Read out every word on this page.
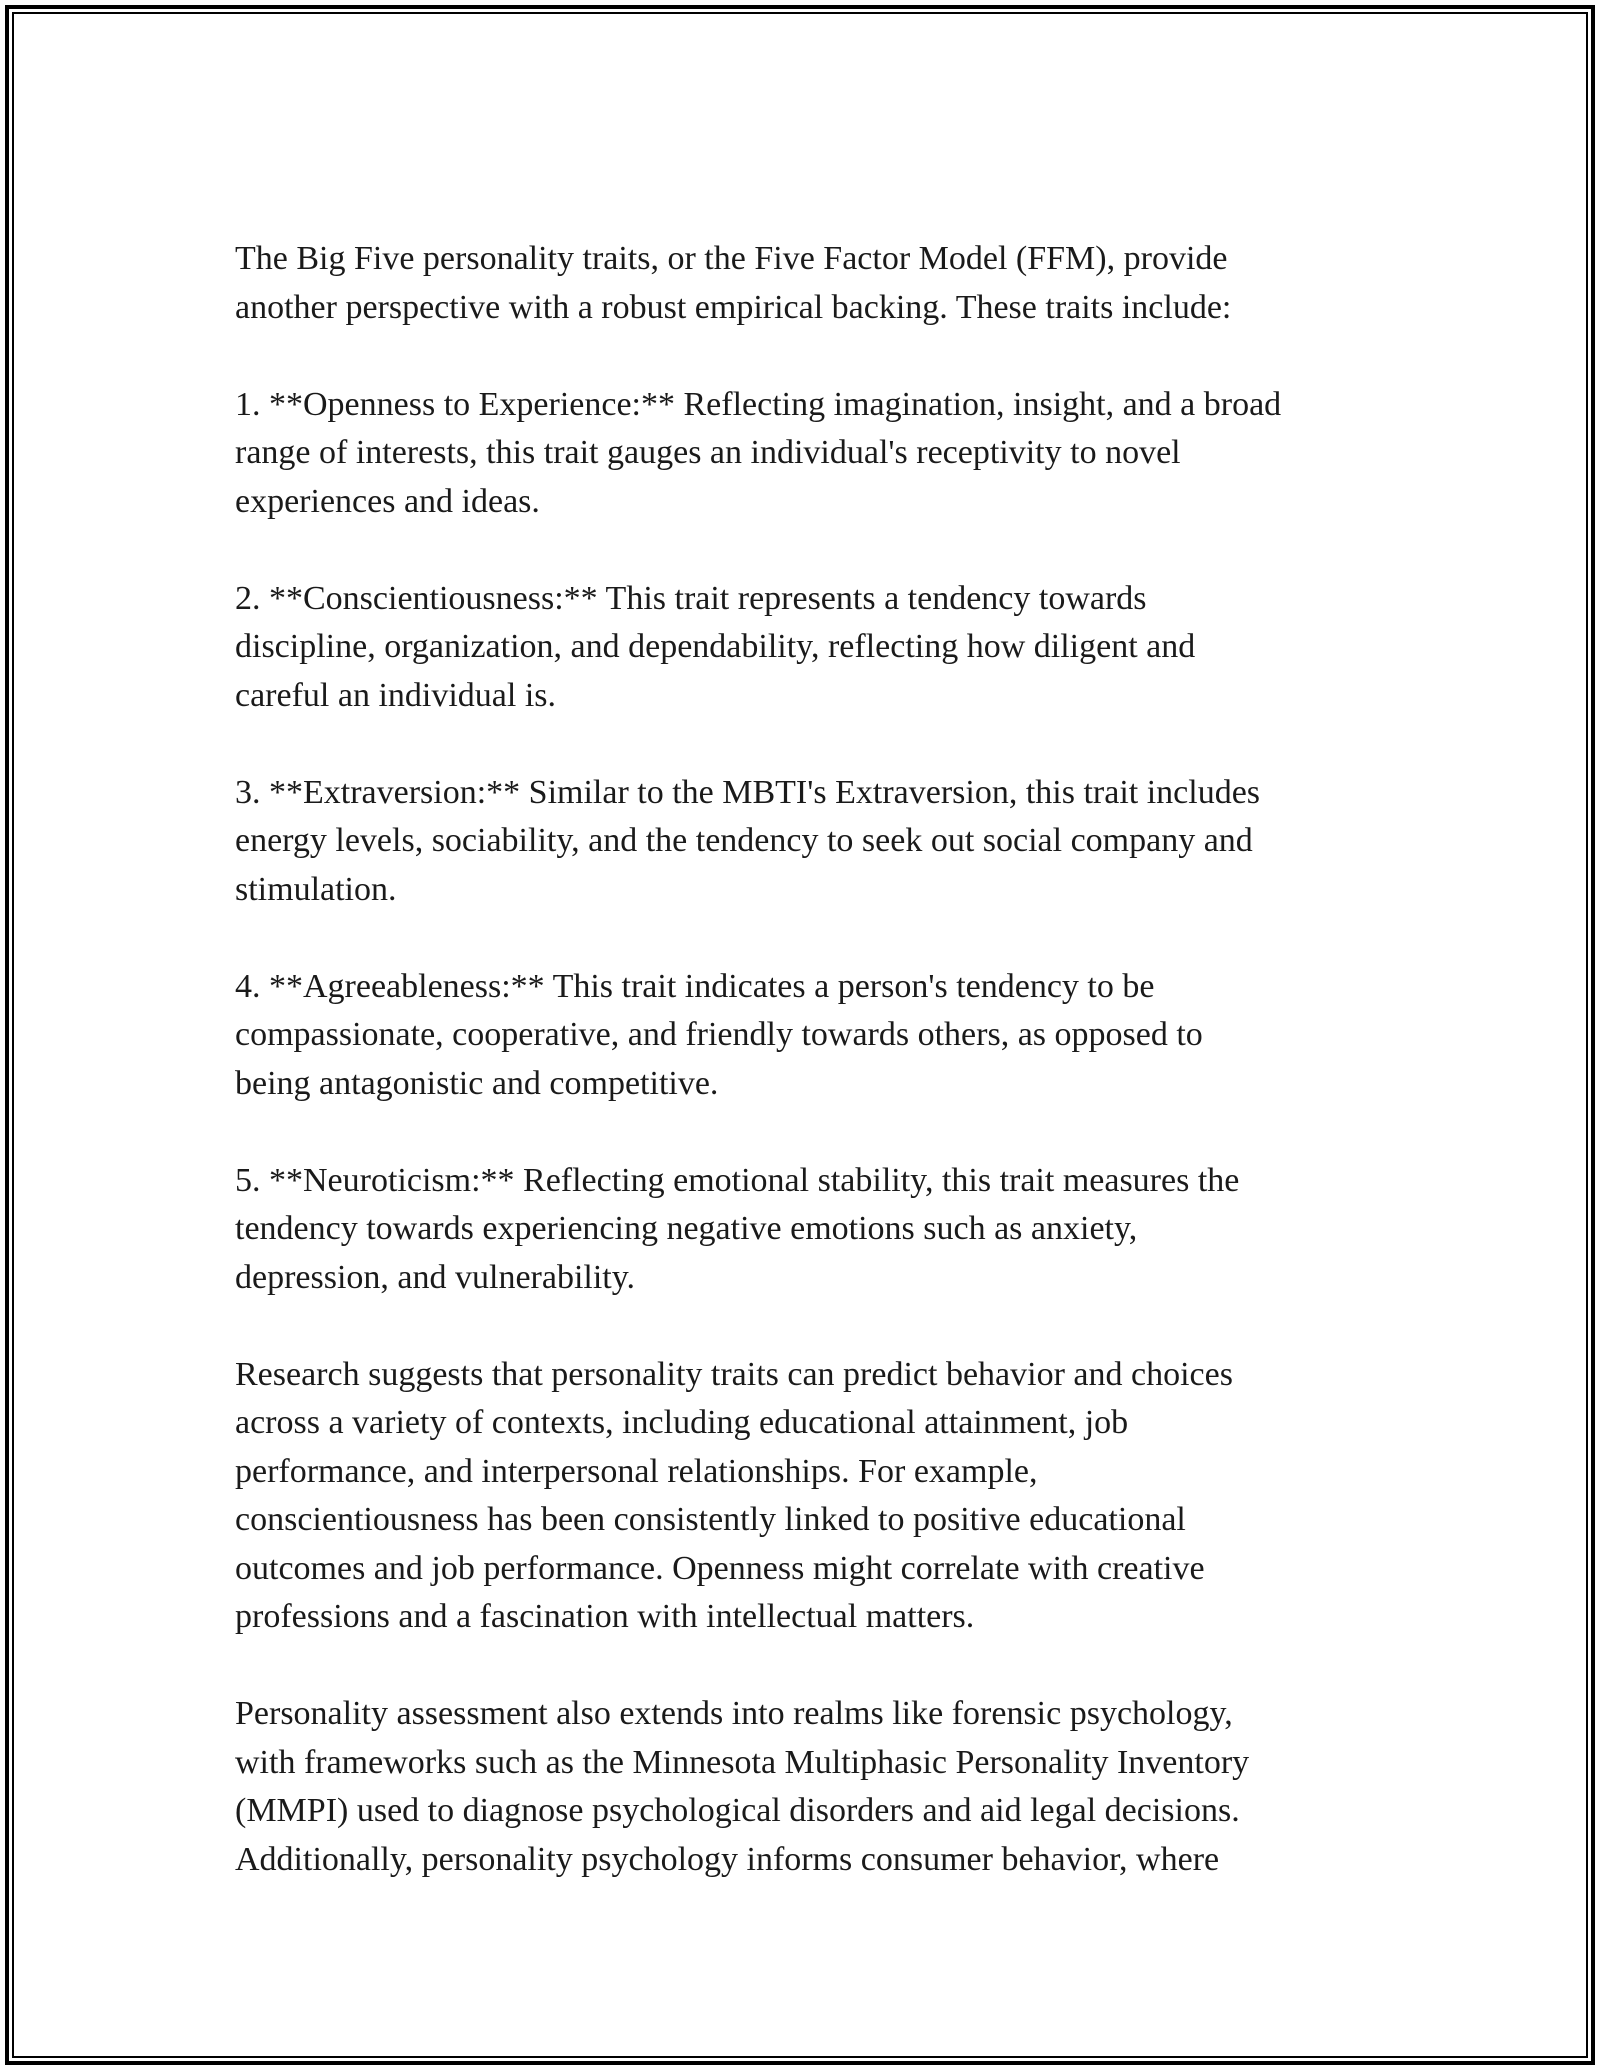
The Big Five personality traits, or the Five Factor Model (FFM), provide
another perspective with a robust empirical backing. These traits include:

1. **Openness to Experience:** Reflecting imagination, insight, and a broad
range of interests, this trait gauges an individual's receptivity to novel
experiences and ideas.

2. **Conscientiousness:** This trait represents a tendency towards
discipline, organization, and dependability, reflecting how diligent and
careful an individual is.

3. **Extraversion:** Similar to the MBTI's Extraversion, this trait includes
energy levels, sociability, and the tendency to seek out social company and
stimulation.

4. **Agreeableness:** This trait indicates a person's tendency to be
compassionate, cooperative, and friendly towards others, as opposed to
being antagonistic and competitive.

5. **Neuroticism:** Reflecting emotional stability, this trait measures the
tendency towards experiencing negative emotions such as anxiety,
depression, and vulnerability.

Research suggests that personality traits can predict behavior and choices
across a variety of contexts, including educational attainment, job
performance, and interpersonal relationships. For example,
conscientiousness has been consistently linked to positive educational
outcomes and job performance. Openness might correlate with creative
professions and a fascination with intellectual matters.

Personality assessment also extends into realms like forensic psychology,
with frameworks such as the Minnesota Multiphasic Personality Inventory
(MMPI) used to diagnose psychological disorders and aid legal decisions.
Additionally, personality psychology informs consumer behavior, where
